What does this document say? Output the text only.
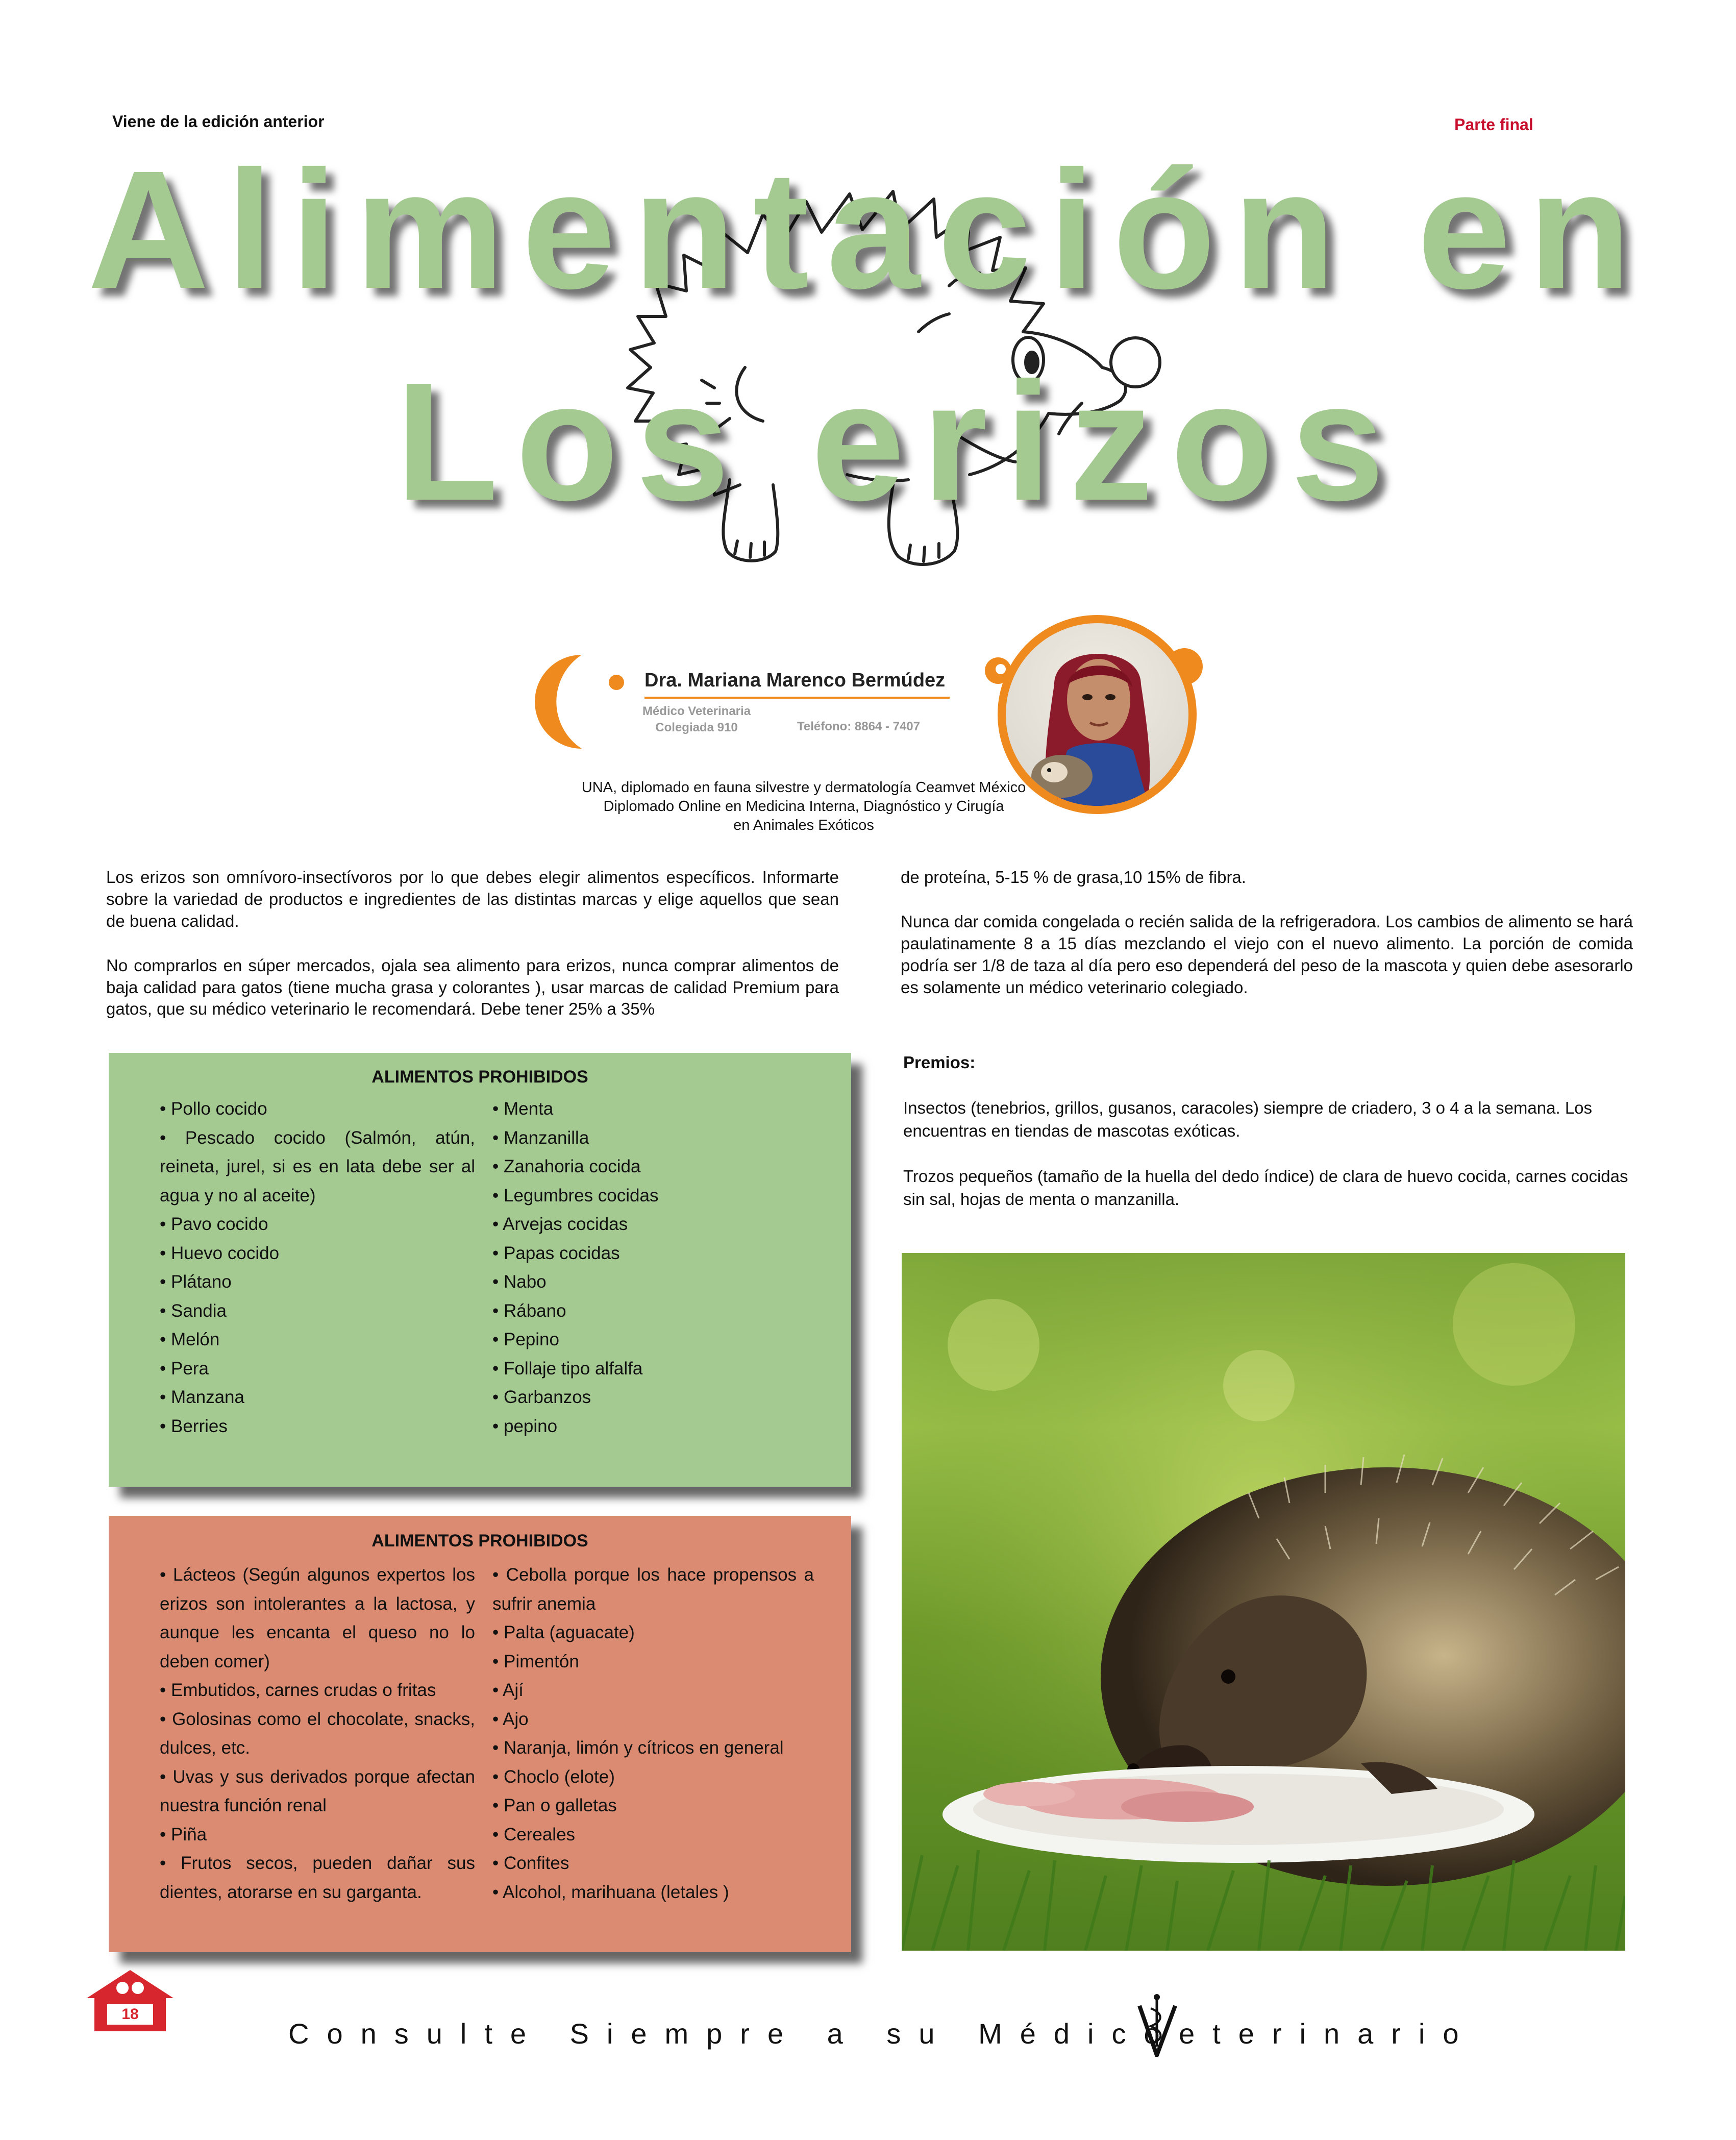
Viene de la edición anterior	Parte final
Alimentación en
Los erizos
Dra. Mariana Marenco Bermúdez
Médico Veterinaria
Colegiada 910	Teléfono: 8864 - 7407
UNA, diplomado en fauna silvestre y dermatología Ceamvet México
Diplomado Online en Medicina Interna, Diagnóstico y Cirugía
en Animales Exóticos

Los erizos son omnívoro-insectívoros por lo que debes elegir alimentos específicos. Informarte sobre la variedad de productos e ingredientes de las distintas marcas y elige aquellos que sean de buena calidad.

No comprarlos en súper mercados, ojala sea alimento para erizos, nunca comprar alimentos de baja calidad para gatos (tiene mucha grasa y colorantes ), usar marcas de calidad Premium para gatos, que su médico veterinario le recomendará. Debe tener 25% a 35%

de proteína, 5-15 % de grasa,10 15% de fibra.

Nunca dar comida congelada o recién salida de la refrigeradora. Los cambios de alimento se hará paulatinamente 8 a 15 días mezclando el viejo con el nuevo alimento. La porción de comida podría ser 1/8 de taza al día pero eso dependerá del peso de la mascota y quien debe asesorarlo es solamente un médico veterinario colegiado.

ALIMENTOS PROHIBIDOS
• Pollo cocido
• Pescado cocido (Salmón, atún, reineta, jurel, si es en lata debe ser al agua y no al aceite)
• Pavo cocido
• Huevo cocido
• Plátano
• Sandia
• Melón
• Pera
• Manzana
• Berries
• Menta
• Manzanilla
• Zanahoria cocida
• Legumbres cocidas
• Arvejas cocidas
• Papas cocidas
• Nabo
• Rábano
• Pepino
• Follaje tipo alfalfa
• Garbanzos
• pepino
ALIMENTOS PROHIBIDOS
• Lácteos (Según algunos expertos los erizos son intolerantes a la lactosa, y aunque les encanta el queso no lo deben comer)
• Embutidos, carnes crudas o fritas
• Golosinas como el chocolate, snacks, dulces, etc.
• Uvas y sus derivados porque afectan nuestra función renal
• Piña
• Frutos secos, pueden dañar sus dientes, atorarse en su garganta.
• Cebolla porque los hace propensos a sufrir anemia
• Palta (aguacate)
• Pimentón
• Ají
• Ajo
• Naranja, limón y cítricos en general
• Choclo (elote)
• Pan o galletas
• Cereales
• Confites
• Alcohol, marihuana (letales )

Premios:

Insectos (tenebrios, grillos, gusanos, caracoles) siempre de criadero, 3 o 4 a la semana. Los encuentras en tiendas de mascotas exóticas.

Trozos pequeños (tamaño de la huella del dedo índice) de clara de huevo cocida, carnes cocidas sin sal, hojas de menta o manzanilla.

18
Consulte Siempre a su Médico eterinario
